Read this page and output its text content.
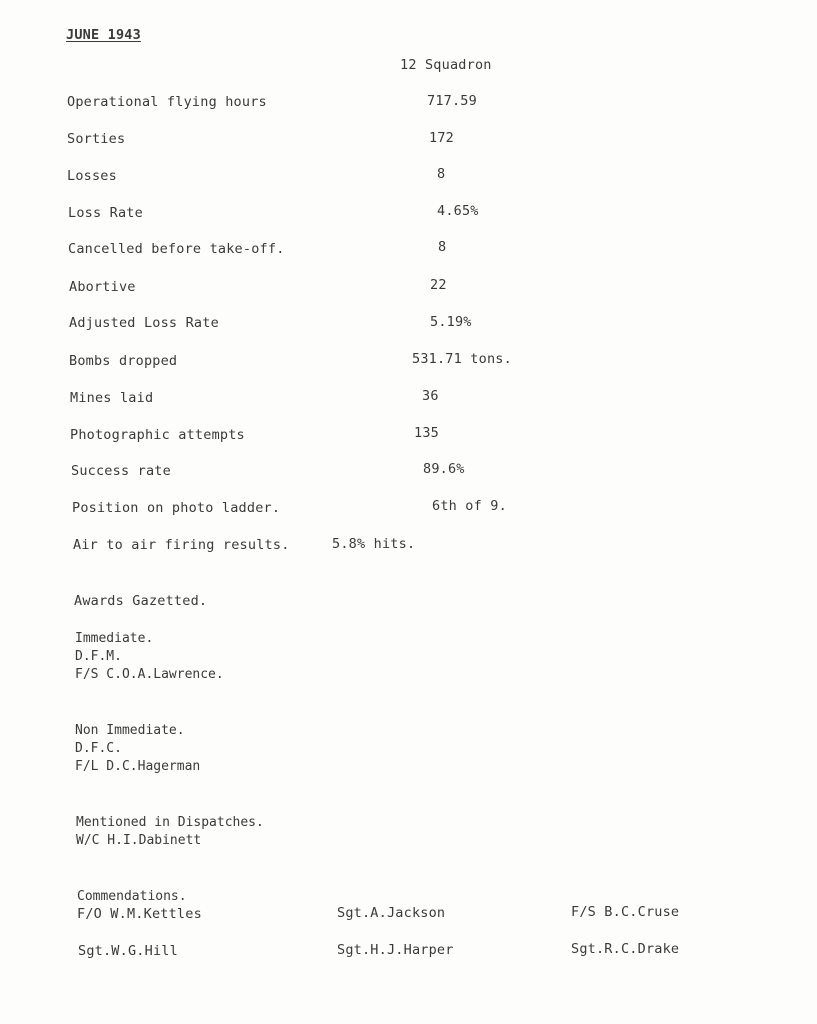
JUNE 1943
12 Squadron
Operational flying hours	717.59
Sorties	172
Losses	8
Loss Rate	4.65%
Cancelled before take-off.	8
Abortive	22
Adjusted Loss Rate	5.19%
Bombs dropped	531.71 tons.
Mines laid	36
Photographic attempts	135
Success rate	89.6%
Position on photo ladder.	6th of 9.
Air to air firing results.	5.8% hits.
Awards Gazetted.
Immediate.
D.F.M.
F/S C.O.A.Lawrence.
Non Immediate.
D.F.C.
F/L D.C.Hagerman
Mentioned in Dispatches.
W/C H.I.Dabinett
Commendations.
F/O W.M.Kettles	Sgt.A.Jackson	F/S B.C.Cruse
Sgt.W.G.Hill	Sgt.H.J.Harper	Sgt.R.C.Drake
